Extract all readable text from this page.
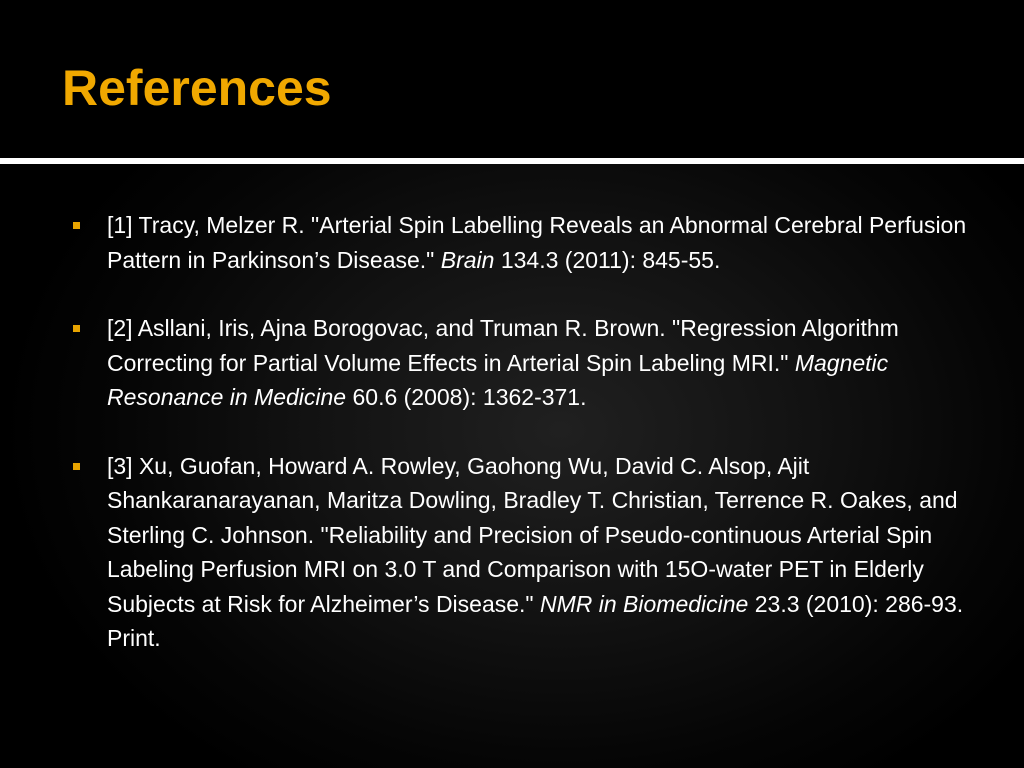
References
[1] Tracy, Melzer R. "Arterial Spin Labelling Reveals an Abnormal Cerebral Perfusion Pattern in Parkinson’s Disease." Brain 134.3 (2011): 845-55.
[2] Asllani, Iris, Ajna Borogovac, and Truman R. Brown. "Regression Algorithm Correcting for Partial Volume Effects in Arterial Spin Labeling MRI." Magnetic Resonance in Medicine 60.6 (2008): 1362-371.
[3] Xu, Guofan, Howard A. Rowley, Gaohong Wu, David C. Alsop, Ajit Shankaranarayanan, Maritza Dowling, Bradley T. Christian, Terrence R. Oakes, and Sterling C. Johnson. "Reliability and Precision of Pseudo-continuous Arterial Spin Labeling Perfusion MRI on 3.0 T and Comparison with 15O-water PET in Elderly Subjects at Risk for Alzheimer’s Disease." NMR in Biomedicine 23.3 (2010): 286-93. Print.
